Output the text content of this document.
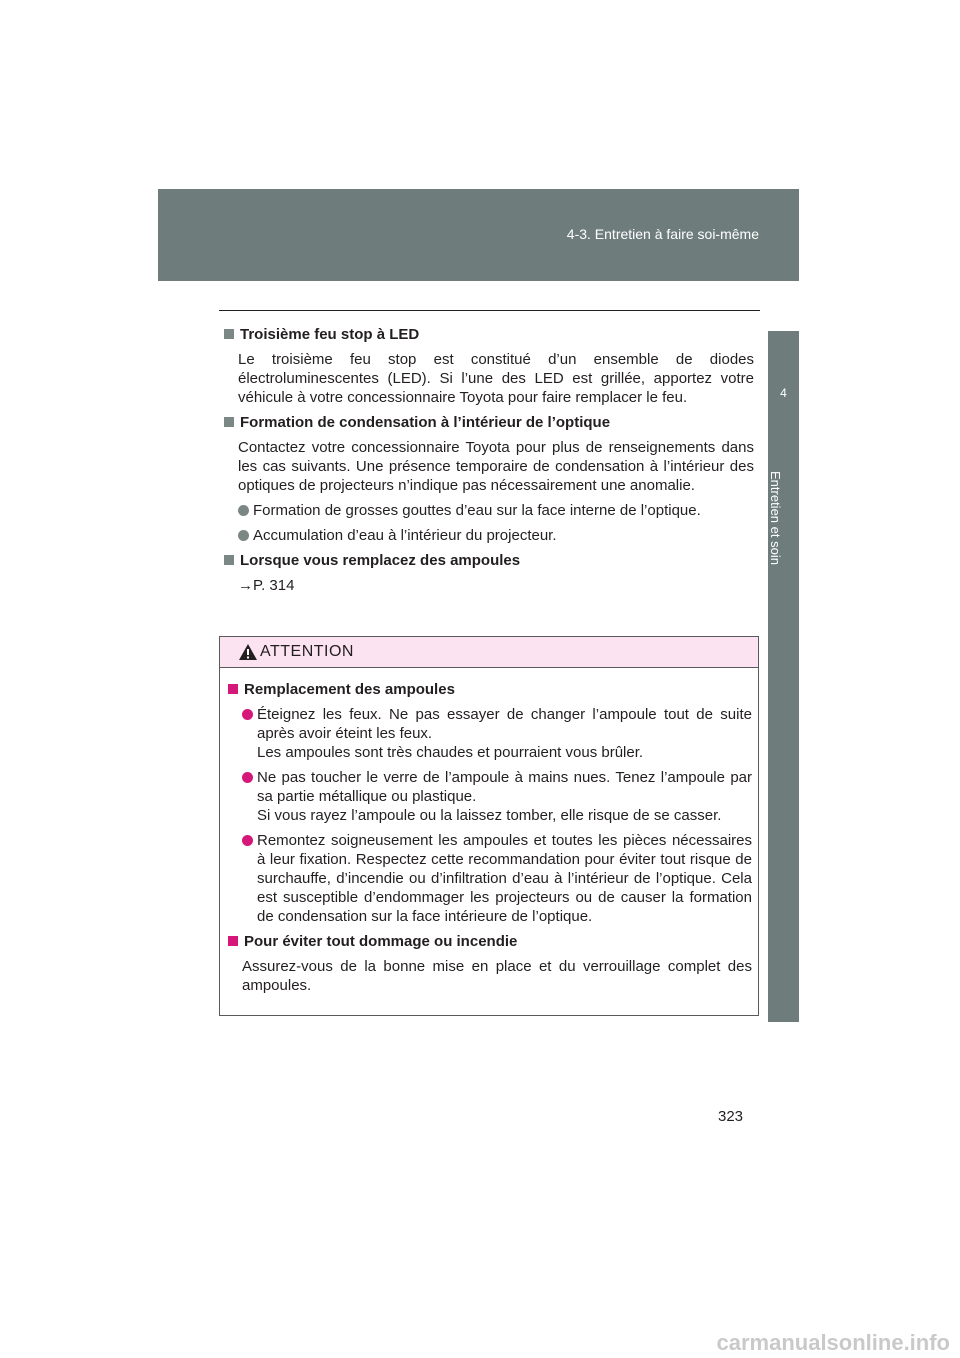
4-3. Entretien à faire soi-même
4
Entretien et soin
Troisième feu stop à LED

Le troisième feu stop est constitué d’un ensemble de diodes électroluminescentes (LED). Si l’une des LED est grillée, apportez votre véhicule à votre concessionnaire Toyota pour faire remplacer le feu.

Formation de condensation à l’intérieur de l’optique

Contactez votre concessionnaire Toyota pour plus de renseignements dans les cas suivants. Une présence temporaire de condensation à l’intérieur des optiques de projecteurs n’indique pas nécessairement une anomalie.

Formation de grosses gouttes d’eau sur la face interne de l’optique.
Accumulation d’eau à l’intérieur du projecteur.
Lorsque vous remplacez des ampoules

→P. 314

ATTENTION
Remplacement des ampoules
Éteignez les feux. Ne pas essayer de changer l’ampoule tout de suite après avoir éteint les feux.
Les ampoules sont très chaudes et pourraient vous brûler.
Ne pas toucher le verre de l’ampoule à mains nues. Tenez l’ampoule par sa partie métallique ou plastique.
Si vous rayez l’ampoule ou la laissez tomber, elle risque de se casser.
Remontez soigneusement les ampoules et toutes les pièces nécessaires à leur fixation. Respectez cette recommandation pour éviter tout risque de surchauffe, d’incendie ou d’infiltration d’eau à l’intérieur de l’optique. Cela est susceptible d’endommager les projecteurs ou de causer la formation de condensation sur la face intérieure de l’optique.
Pour éviter tout dommage ou incendie

Assurez-vous de la bonne mise en place et du verrouillage complet des ampoules.

323
carmanualsonline.info
